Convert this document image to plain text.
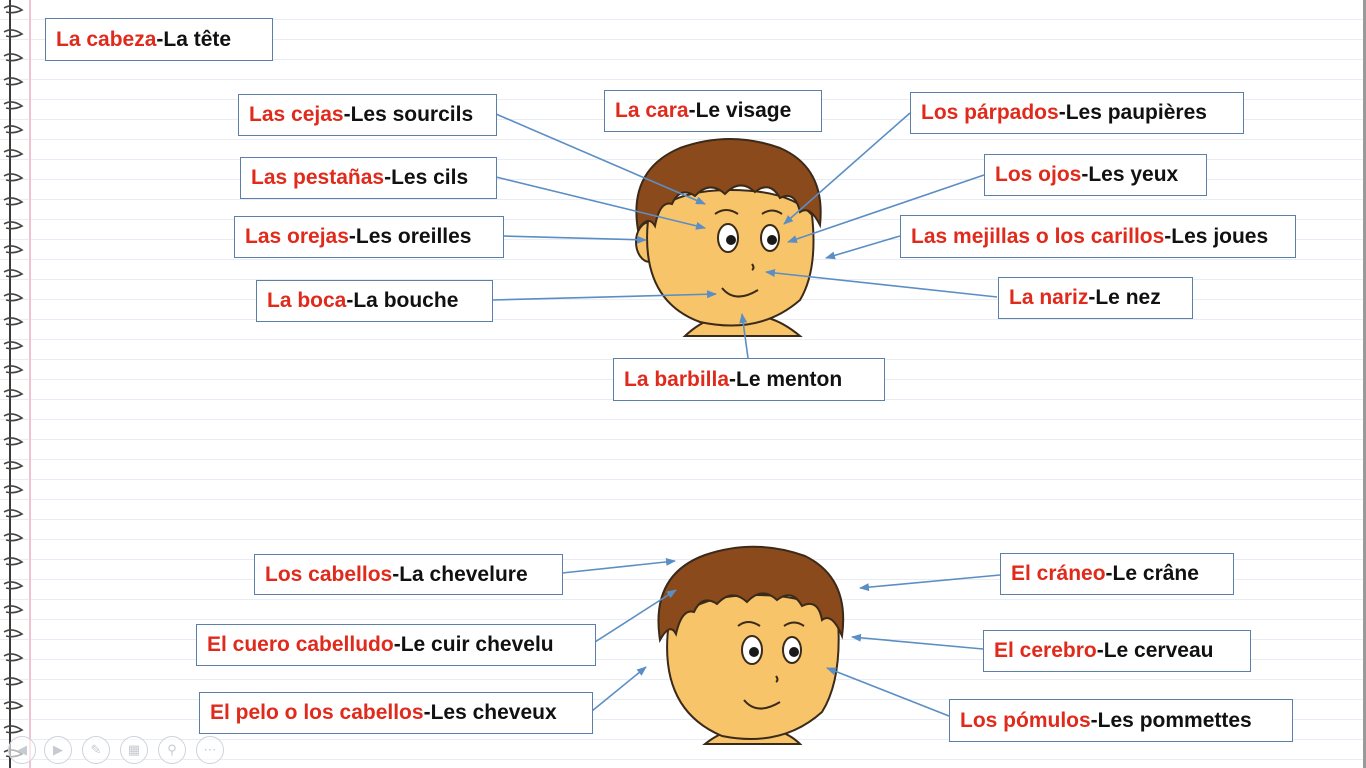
La cabeza - La tête
Las cejas - Les sourcils
Las pestañas - Les cils
Las orejas - Les oreilles
La boca - La bouche
La cara - Le visage	Los párpados - Les paupières
Los ojos - Les yeux
Las mejillas o los carillos - Les joues
La nariz - Le nez
La barbilla - Le menton
Los cabellos - La chevelure
El cuero cabelludo - Le cuir chevelu
El pelo o los cabellos - Les cheveux
El cráneo - Le crâne
El cerebro - Le cerveau
Los pómulos - Les pommettes
◀ ▶ ✎ ▦ ⚲ ⋯
